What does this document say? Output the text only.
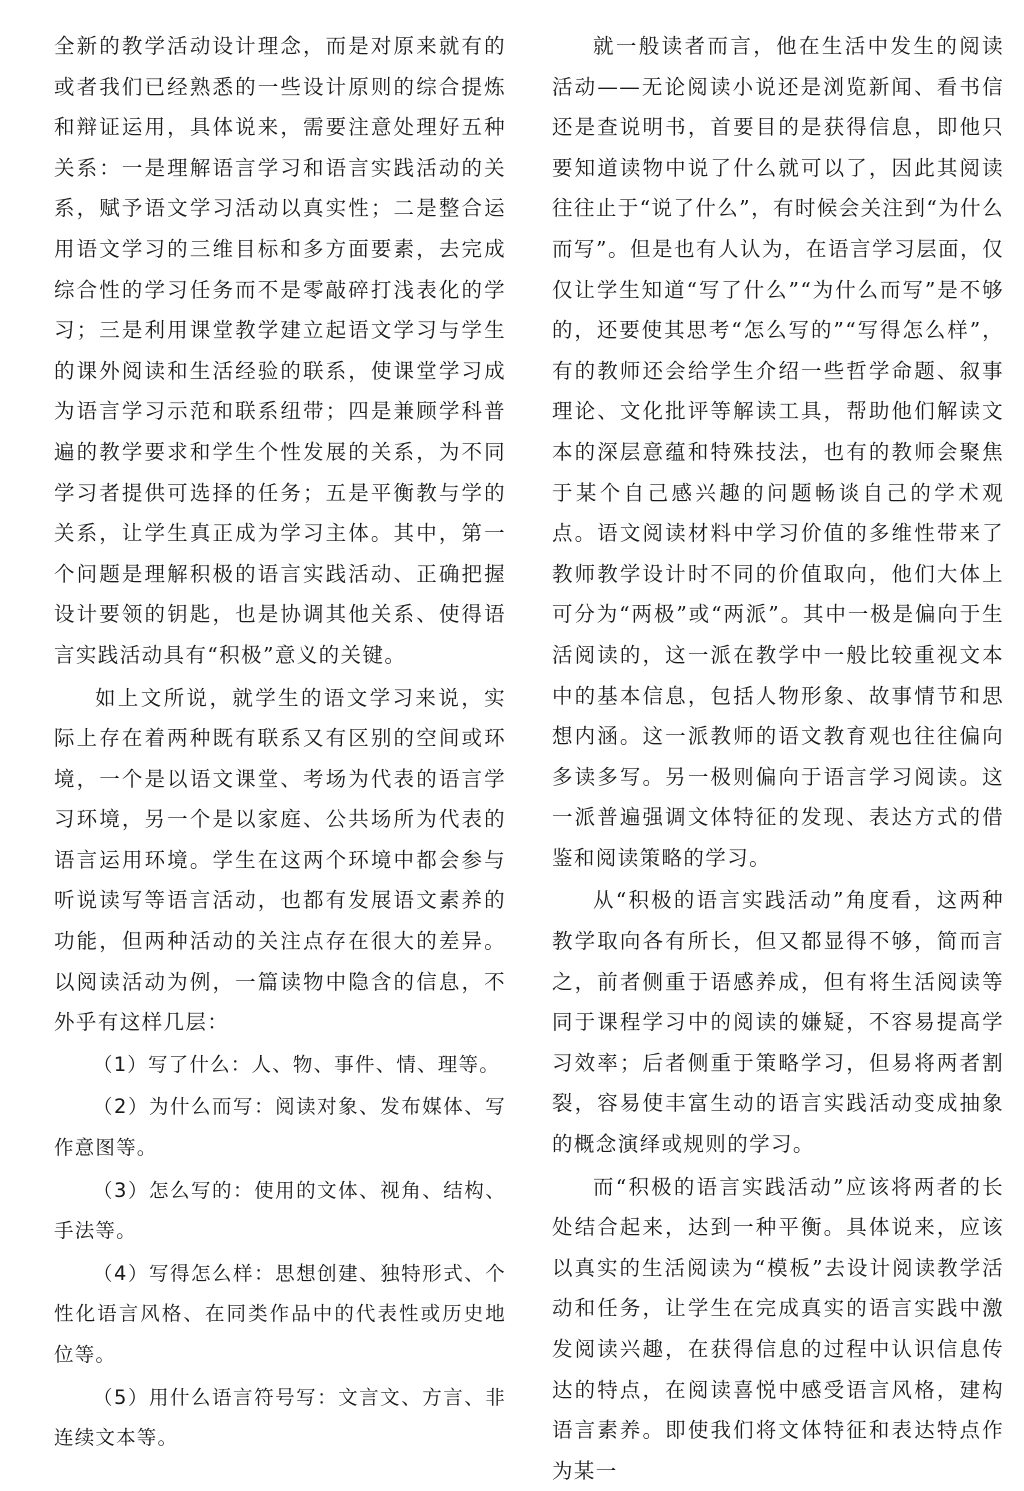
全新的教学活动设计理念，而是对原来就有的或者我们已经熟悉的一些设计原则的综合提炼和辩证运用，具体说来，需要注意处理好五种关系：一是理解语言学习和语言实践活动的关系，赋予语文学习活动以真实性；二是整合运用语文学习的三维目标和多方面要素，去完成综合性的学习任务而不是零敲碎打浅表化的学习；三是利用课堂教学建立起语文学习与学生的课外阅读和生活经验的联系，使课堂学习成为语言学习示范和联系纽带；四是兼顾学科普遍的教学要求和学生个性发展的关系，为不同学习者提供可选择的任务；五是平衡教与学的关系，让学生真正成为学习主体。其中，第一个问题是理解积极的语言实践活动、正确把握设计要领的钥匙，也是协调其他关系、使得语言实践活动具有“积极”意义的关键。

如上文所说，就学生的语文学习来说，实际上存在着两种既有联系又有区别的空间或环境，一个是以语文课堂、考场为代表的语言学习环境，另一个是以家庭、公共场所为代表的语言运用环境。学生在这两个环境中都会参与听说读写等语言活动，也都有发展语文素养的功能，但两种活动的关注点存在很大的差异。以阅读活动为例，一篇读物中隐含的信息，不外乎有这样几层：

（1）写了什么：人、物、事件、情、理等。

（2）为什么而写：阅读对象、发布媒体、写作意图等。

（3）怎么写的：使用的文体、视角、结构、手法等。

（4）写得怎么样：思想创建、独特形式、个性化语言风格、在同类作品中的代表性或历史地位等。

（5）用什么语言符号写：文言文、方言、非连续文本等。

就一般读者而言，他在生活中发生的阅读活动——无论阅读小说还是浏览新闻、看书信还是查说明书，首要目的是获得信息，即他只要知道读物中说了什么就可以了，因此其阅读往往止于“说了什么”，有时候会关注到“为什么而写”。但是也有人认为，在语言学习层面，仅仅让学生知道“写了什么”“为什么而写”是不够的，还要使其思考“怎么写的”“写得怎么样”，有的教师还会给学生介绍一些哲学命题、叙事理论、文化批评等解读工具，帮助他们解读文本的深层意蕴和特殊技法，也有的教师会聚焦于某个自己感兴趣的问题畅谈自己的学术观点。语文阅读材料中学习价值的多维性带来了教师教学设计时不同的价值取向，他们大体上可分为“两极”或“两派”。其中一极是偏向于生活阅读的，这一派在教学中一般比较重视文本中的基本信息，包括人物形象、故事情节和思想内涵。这一派教师的语文教育观也往往偏向多读多写。另一极则偏向于语言学习阅读。这一派普遍强调文体特征的发现、表达方式的借鉴和阅读策略的学习。

从“积极的语言实践活动”角度看，这两种教学取向各有所长，但又都显得不够，简而言之，前者侧重于语感养成，但有将生活阅读等同于课程学习中的阅读的嫌疑，不容易提高学习效率；后者侧重于策略学习，但易将两者割裂，容易使丰富生动的语言实践活动变成抽象的概念演绎或规则的学习。

而“积极的语言实践活动”应该将两者的长处结合起来，达到一种平衡。具体说来，应该以真实的生活阅读为“模板”去设计阅读教学活动和任务，让学生在完成真实的语言实践中激发阅读兴趣，在获得信息的过程中认识信息传达的特点，在阅读喜悦中感受语言风格，建构语言素养。即使我们将文体特征和表达特点作为某一
